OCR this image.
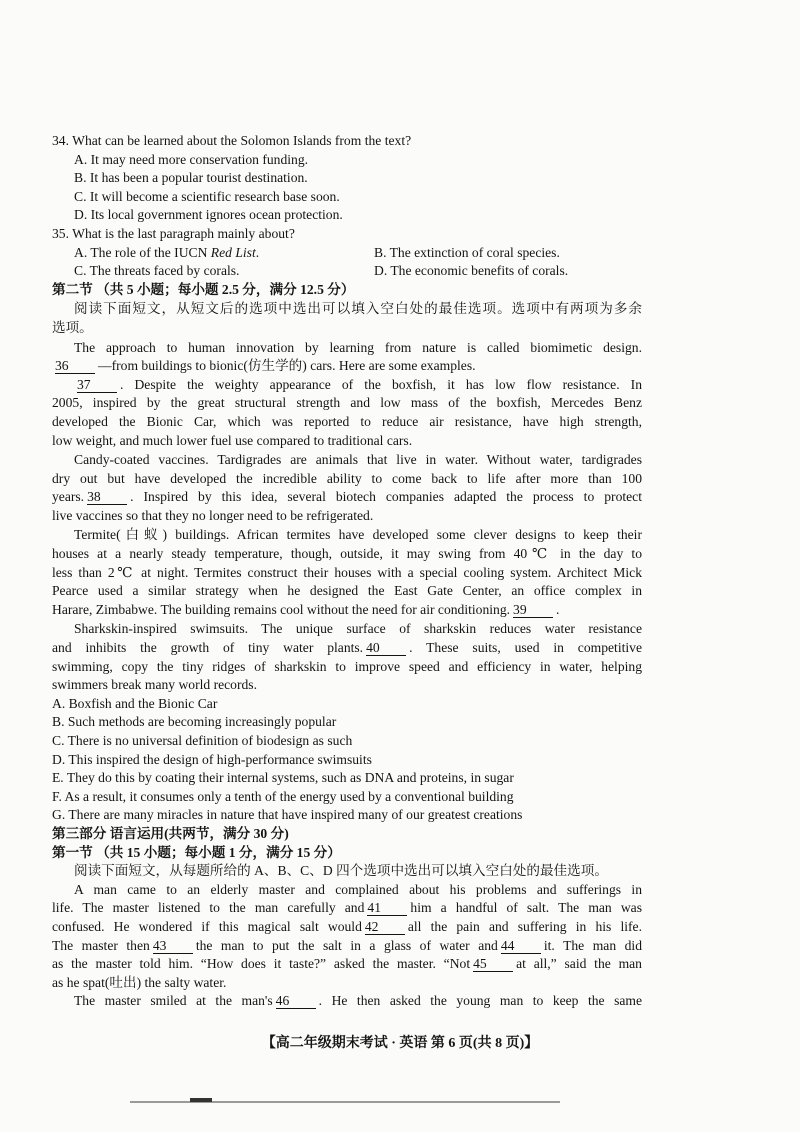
34. What can be learned about the Solomon Islands from the text?
A. It may need more conservation funding.
B. It has been a popular tourist destination.
C. It will become a scientific research base soon.
D. Its local government ignores ocean protection.
35. What is the last paragraph mainly about?
A. The role of the IUCN Red List.	B. The extinction of coral species.
C. The threats faced by corals.	D. The economic benefits of corals.
第二节 （共 5 小题；每小题 2.5 分，满分 12.5 分）

阅读下面短文，从短文后的选项中选出可以填入空白处的最佳选项。选项中有两项为多余

选项。

The approach to human innovation by learning from nature is called biomimetic design.

36 —from buildings to bionic(仿生学的) cars. Here are some examples.

37 . Despite the weighty appearance of the boxfish, it has low flow resistance. In

2005, inspired by the great structural strength and low mass of the boxfish, Mercedes Benz

developed the Bionic Car, which was reported to reduce air resistance, have high strength,

low weight, and much lower fuel use compared to traditional cars.

Candy-coated vaccines. Tardigrades are animals that live in water. Without water, tardigrades

dry out but have developed the incredible ability to come back to life after more than 100

years. 38 . Inspired by this idea, several biotech companies adapted the process to protect

live vaccines so that they no longer need to be refrigerated.

Termite(白蚁) buildings. African termites have developed some clever designs to keep their

houses at a nearly steady temperature, though, outside, it may swing from 40℃ in the day to

less than 2℃ at night. Termites construct their houses with a special cooling system. Architect Mick

Pearce used a similar strategy when he designed the East Gate Center, an office complex in

Harare, Zimbabwe. The building remains cool without the need for air conditioning. 39 .

Sharkskin-inspired swimsuits. The unique surface of sharkskin reduces water resistance

and inhibits the growth of tiny water plants. 40 . These suits, used in competitive

swimming, copy the tiny ridges of sharkskin to improve speed and efficiency in water, helping

swimmers break many world records.

A. Boxfish and the Bionic Car
B. Such methods are becoming increasingly popular
C. There is no universal definition of biodesign as such
D. This inspired the design of high-performance swimsuits
E. They do this by coating their internal systems, such as DNA and proteins, in sugar
F. As a result, it consumes only a tenth of the energy used by a conventional building
G. There are many miracles in nature that have inspired many of our greatest creations
第三部分 语言运用(共两节，满分 30 分)
第一节 （共 15 小题；每小题 1 分，满分 15 分）
阅读下面短文，从每题所给的 A、B、C、D 四个选项中选出可以填入空白处的最佳选项。

A man came to an elderly master and complained about his problems and sufferings in

life. The master listened to the man carefully and 41 him a handful of salt. The man was

confused. He wondered if this magical salt would 42 all the pain and suffering in his life.

The master then 43 the man to put the salt in a glass of water and 44 it. The man did

as the master told him. “How does it taste?” asked the master. “Not 45 at all,” said the man

as he spat(吐出) the salty water.

The master smiled at the man's 46 . He then asked the young man to keep the same

【高二年级期末考试 · 英语 第 6 页(共 8 页)】
